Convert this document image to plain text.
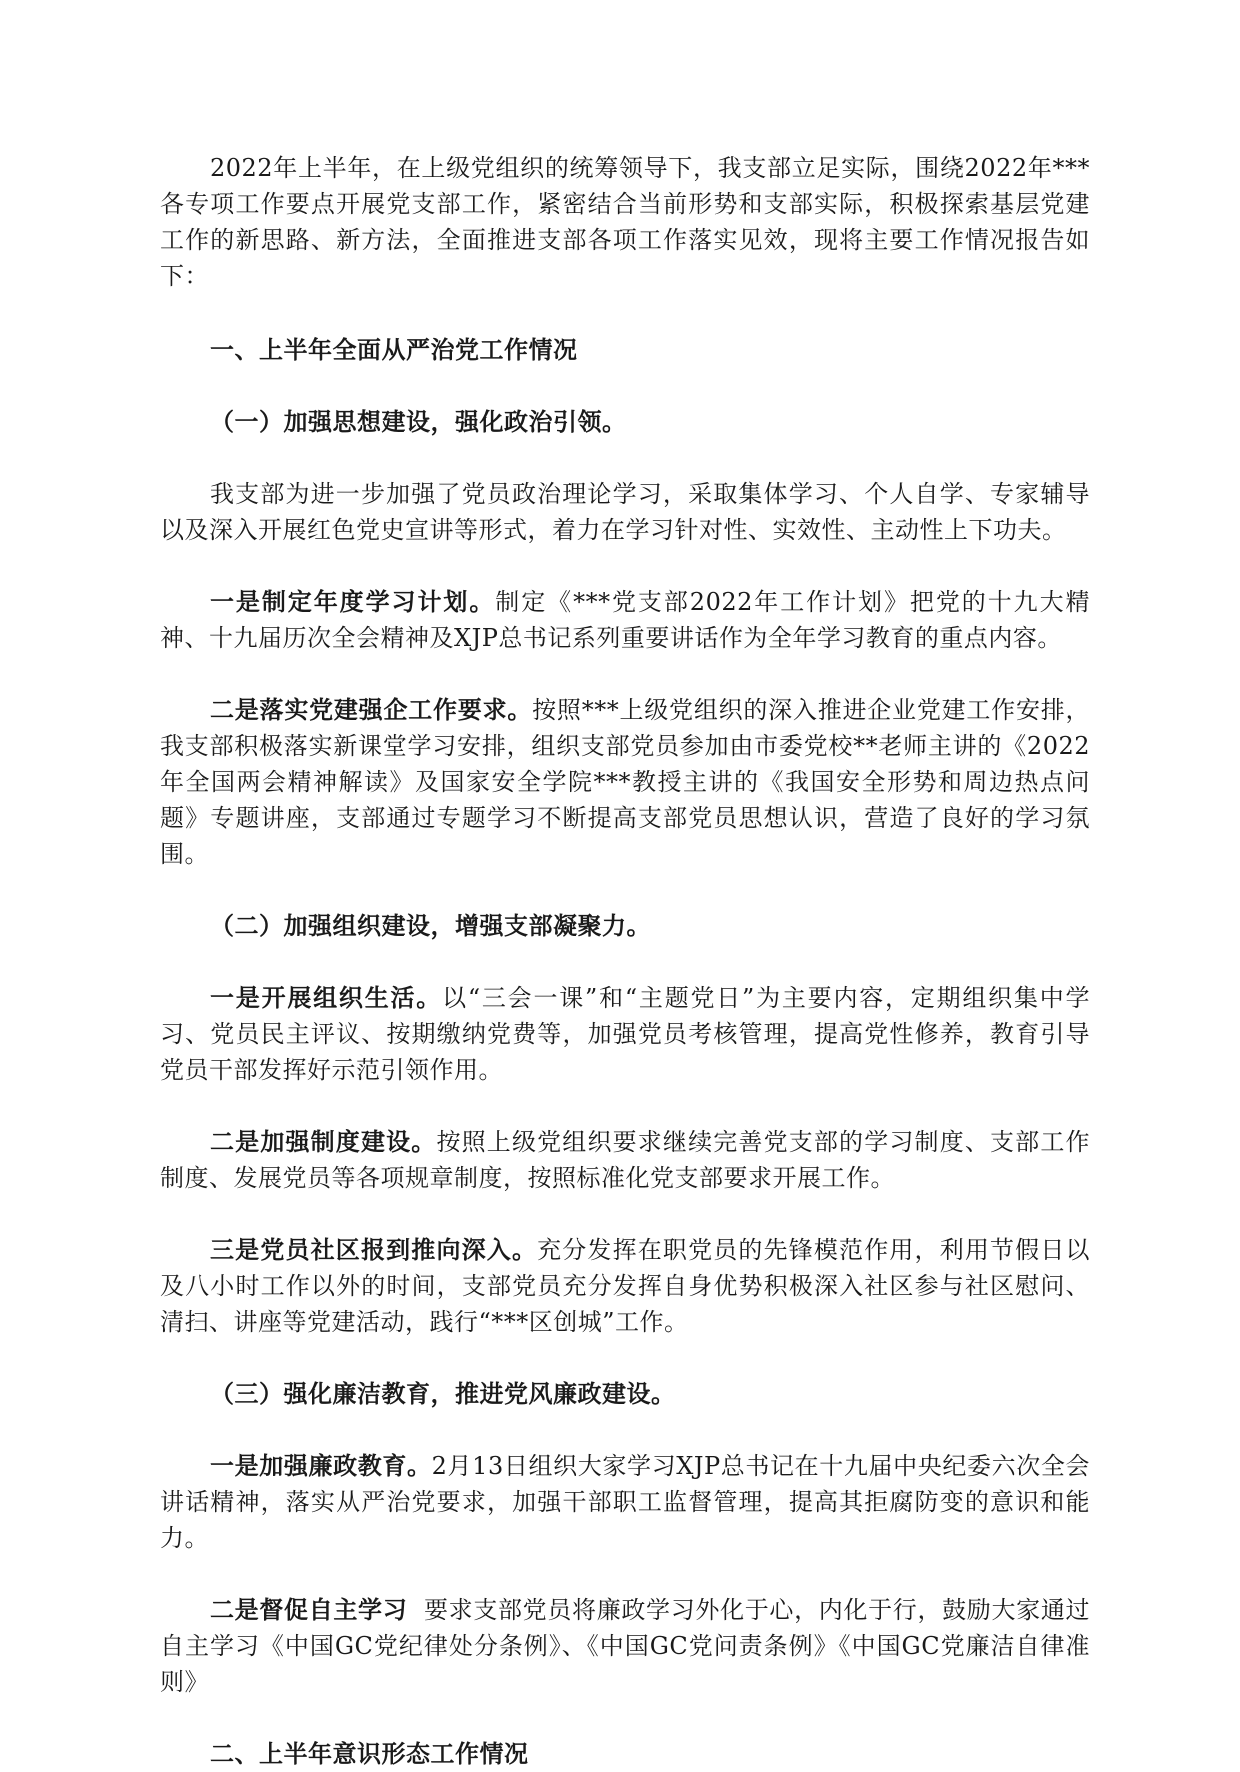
2022年上半年，在上级党组织的统筹领导下，我支部立足实际，围绕2022年***各专项工作要点开展党支部工作，紧密结合当前形势和支部实际，积极探索基层党建工作的新思路、新方法，全面推进支部各项工作落实见效，现将主要工作情况报告如下：

一、上半年全面从严治党工作情况

（一）加强思想建设，强化政治引领。

我支部为进一步加强了党员政治理论学习，采取集体学习、个人自学、专家辅导以及深入开展红色党史宣讲等形式，着力在学习针对性、实效性、主动性上下功夫。

一是制定年度学习计划。制定《***党支部2022年工作计划》把党的十九大精神、十九届历次全会精神及XJP总书记系列重要讲话作为全年学习教育的重点内容。

二是落实党建强企工作要求。按照***上级党组织的深入推进企业党建工作安排，我支部积极落实新课堂学习安排，组织支部党员参加由市委党校**老师主讲的《2022年全国两会精神解读》及国家安全学院***教授主讲的《我国安全形势和周边热点问题》专题讲座，支部通过专题学习不断提高支部党员思想认识，营造了良好的学习氛围。

（二）加强组织建设，增强支部凝聚力。

一是开展组织生活。以“三会一课”和“主题党日”为主要内容，定期组织集中学习、党员民主评议、按期缴纳党费等，加强党员考核管理，提高党性修养，教育引导党员干部发挥好示范引领作用。

二是加强制度建设。按照上级党组织要求继续完善党支部的学习制度、支部工作制度、发展党员等各项规章制度，按照标准化党支部要求开展工作。

三是党员社区报到推向深入。充分发挥在职党员的先锋模范作用，利用节假日以及八小时工作以外的时间，支部党员充分发挥自身优势积极深入社区参与社区慰问、清扫、讲座等党建活动，践行“***区创城”工作。

（三）强化廉洁教育，推进党风廉政建设。

一是加强廉政教育。2月13日组织大家学习XJP总书记在十九届中央纪委六次全会讲话精神，落实从严治党要求，加强干部职工监督管理，提高其拒腐防变的意识和能力。

二是督促自主学习  要求支部党员将廉政学习外化于心，内化于行，鼓励大家通过自主学习《中国GC党纪律处分条例》、《中国GC党问责条例》《中国GC党廉洁自律准则》

二、上半年意识形态工作情况
